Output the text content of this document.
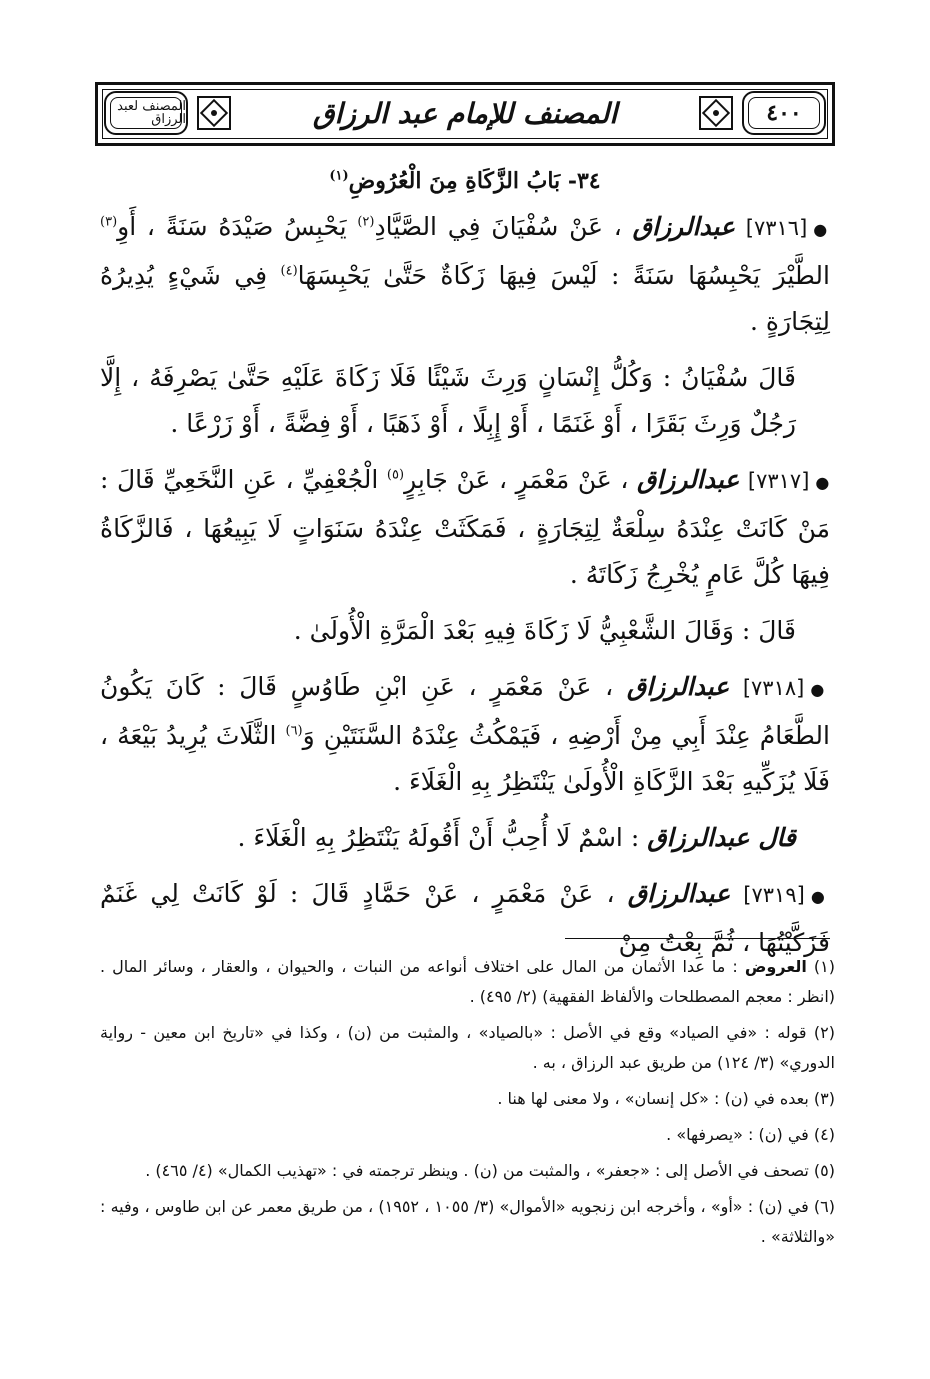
٤٠٠
المصنف للإمام عبد الرزاق
المصنف لعبد الرزاق
٣٤- بَابُ الزَّكَاةِ مِنَ الْعُرُوضِ$^{(١)}$

●[٧٣١٦] عبدالرزاق ، عَنْ سُفْيَانَ فِي الصَّيَّادِ$^{(٢)}$ يَحْبِسُ صَيْدَهُ سَنَةً ، أَوِ$^{(٣)}$ الطَّيْرَ يَحْبِسُهَا سَنَةً : لَيْسَ فِيهَا زَكَاةٌ حَتَّىٰ يَحْبِسَهَا$^{(٤)}$ فِي شَيْءٍ يُدِيرُهُ لِتِجَارَةٍ .

قَالَ سُفْيَانُ : وَكُلُّ إِنْسَانٍ وَرِثَ شَيْئًا فَلَا زَكَاةَ عَلَيْهِ حَتَّىٰ يَصْرِفَهُ ، إِلَّا رَجُلٌ وَرِثَ بَقَرًا ، أَوْ غَنَمًا ، أَوْ إِبِلًا ، أَوْ ذَهَبًا ، أَوْ فِضَّةً ، أَوْ زَرْعًا .

●[٧٣١٧] عبدالرزاق ، عَنْ مَعْمَرٍ ، عَنْ جَابِرٍ$^{(٥)}$ الْجُعْفِيِّ ، عَنِ النَّخَعِيِّ قَالَ : مَنْ كَانَتْ عِنْدَهُ سِلْعَةٌ لِتِجَارَةٍ ، فَمَكَثَتْ عِنْدَهُ سَنَوَاتٍ لَا يَبِيعُهَا ، فَالزَّكَاةُ فِيهَا كُلَّ عَامٍ يُخْرِجُ زَكَاتَهُ .

قَالَ : وَقَالَ الشَّعْبِيُّ لَا زَكَاةَ فِيهِ بَعْدَ الْمَرَّةِ الْأُولَىٰ .

●[٧٣١٨] عبدالرزاق ، عَنْ مَعْمَرٍ ، عَنِ ابْنِ طَاوُسٍ قَالَ : كَانَ يَكُونُ الطَّعَامُ عِنْدَ أَبِي مِنْ أَرْضِهِ ، فَيَمْكُثُ عِنْدَهُ السَّنَتَيْنِ وَ$^{(٦)}$ الثَّلَاثَ يُرِيدُ بَيْعَهُ ، فَلَا يُزَكِّيهِ بَعْدَ الزَّكَاةِ الْأُولَىٰ يَنْتَظِرُ بِهِ الْغَلَاءَ .

قال عبدالرزاق : اسْمٌ لَا أُحِبُّ أَنْ أَقُولَهُ يَنْتَظِرُ بِهِ الْغَلَاءَ .

●[٧٣١٩] عبدالرزاق ، عَنْ مَعْمَرٍ ، عَنْ حَمَّادٍ قَالَ : لَوْ كَانَتْ لِي غَنَمٌ فَزَكَّيْتُهَا ، ثُمَّ بِعْتُ مِنْ

(١) العروض : ما عدا الأثمان من المال على اختلاف أنواعه من النبات ، والحيوان ، والعقار ، وسائر المال . (انظر : معجم المصطلحات والألفاظ الفقهية) (٢/ ٤٩٥) .

(٢) قوله : «في الصياد» وقع في الأصل : «بالصياد» ، والمثبت من (ن) ، وكذا في «تاريخ ابن معين - رواية الدوري» (٣/ ١٢٤) من طريق عبد الرزاق ، به .

(٣) بعده في (ن) : «كل إنسان» ، ولا معنى لها هنا .

(٤) في (ن) : «يصرفها» .

(٥) تصحف في الأصل إلى : «جعفر» ، والمثبت من (ن) . وينظر ترجمته في : «تهذيب الكمال» (٤/ ٤٦٥) .

(٦) في (ن) : «أو» ، وأخرجه ابن زنجويه «الأموال» (٣/ ١٠٥٥ ، ١٩٥٢) ، من طريق معمر عن ابن طاوس ، وفيه : «والثلاثة» .
